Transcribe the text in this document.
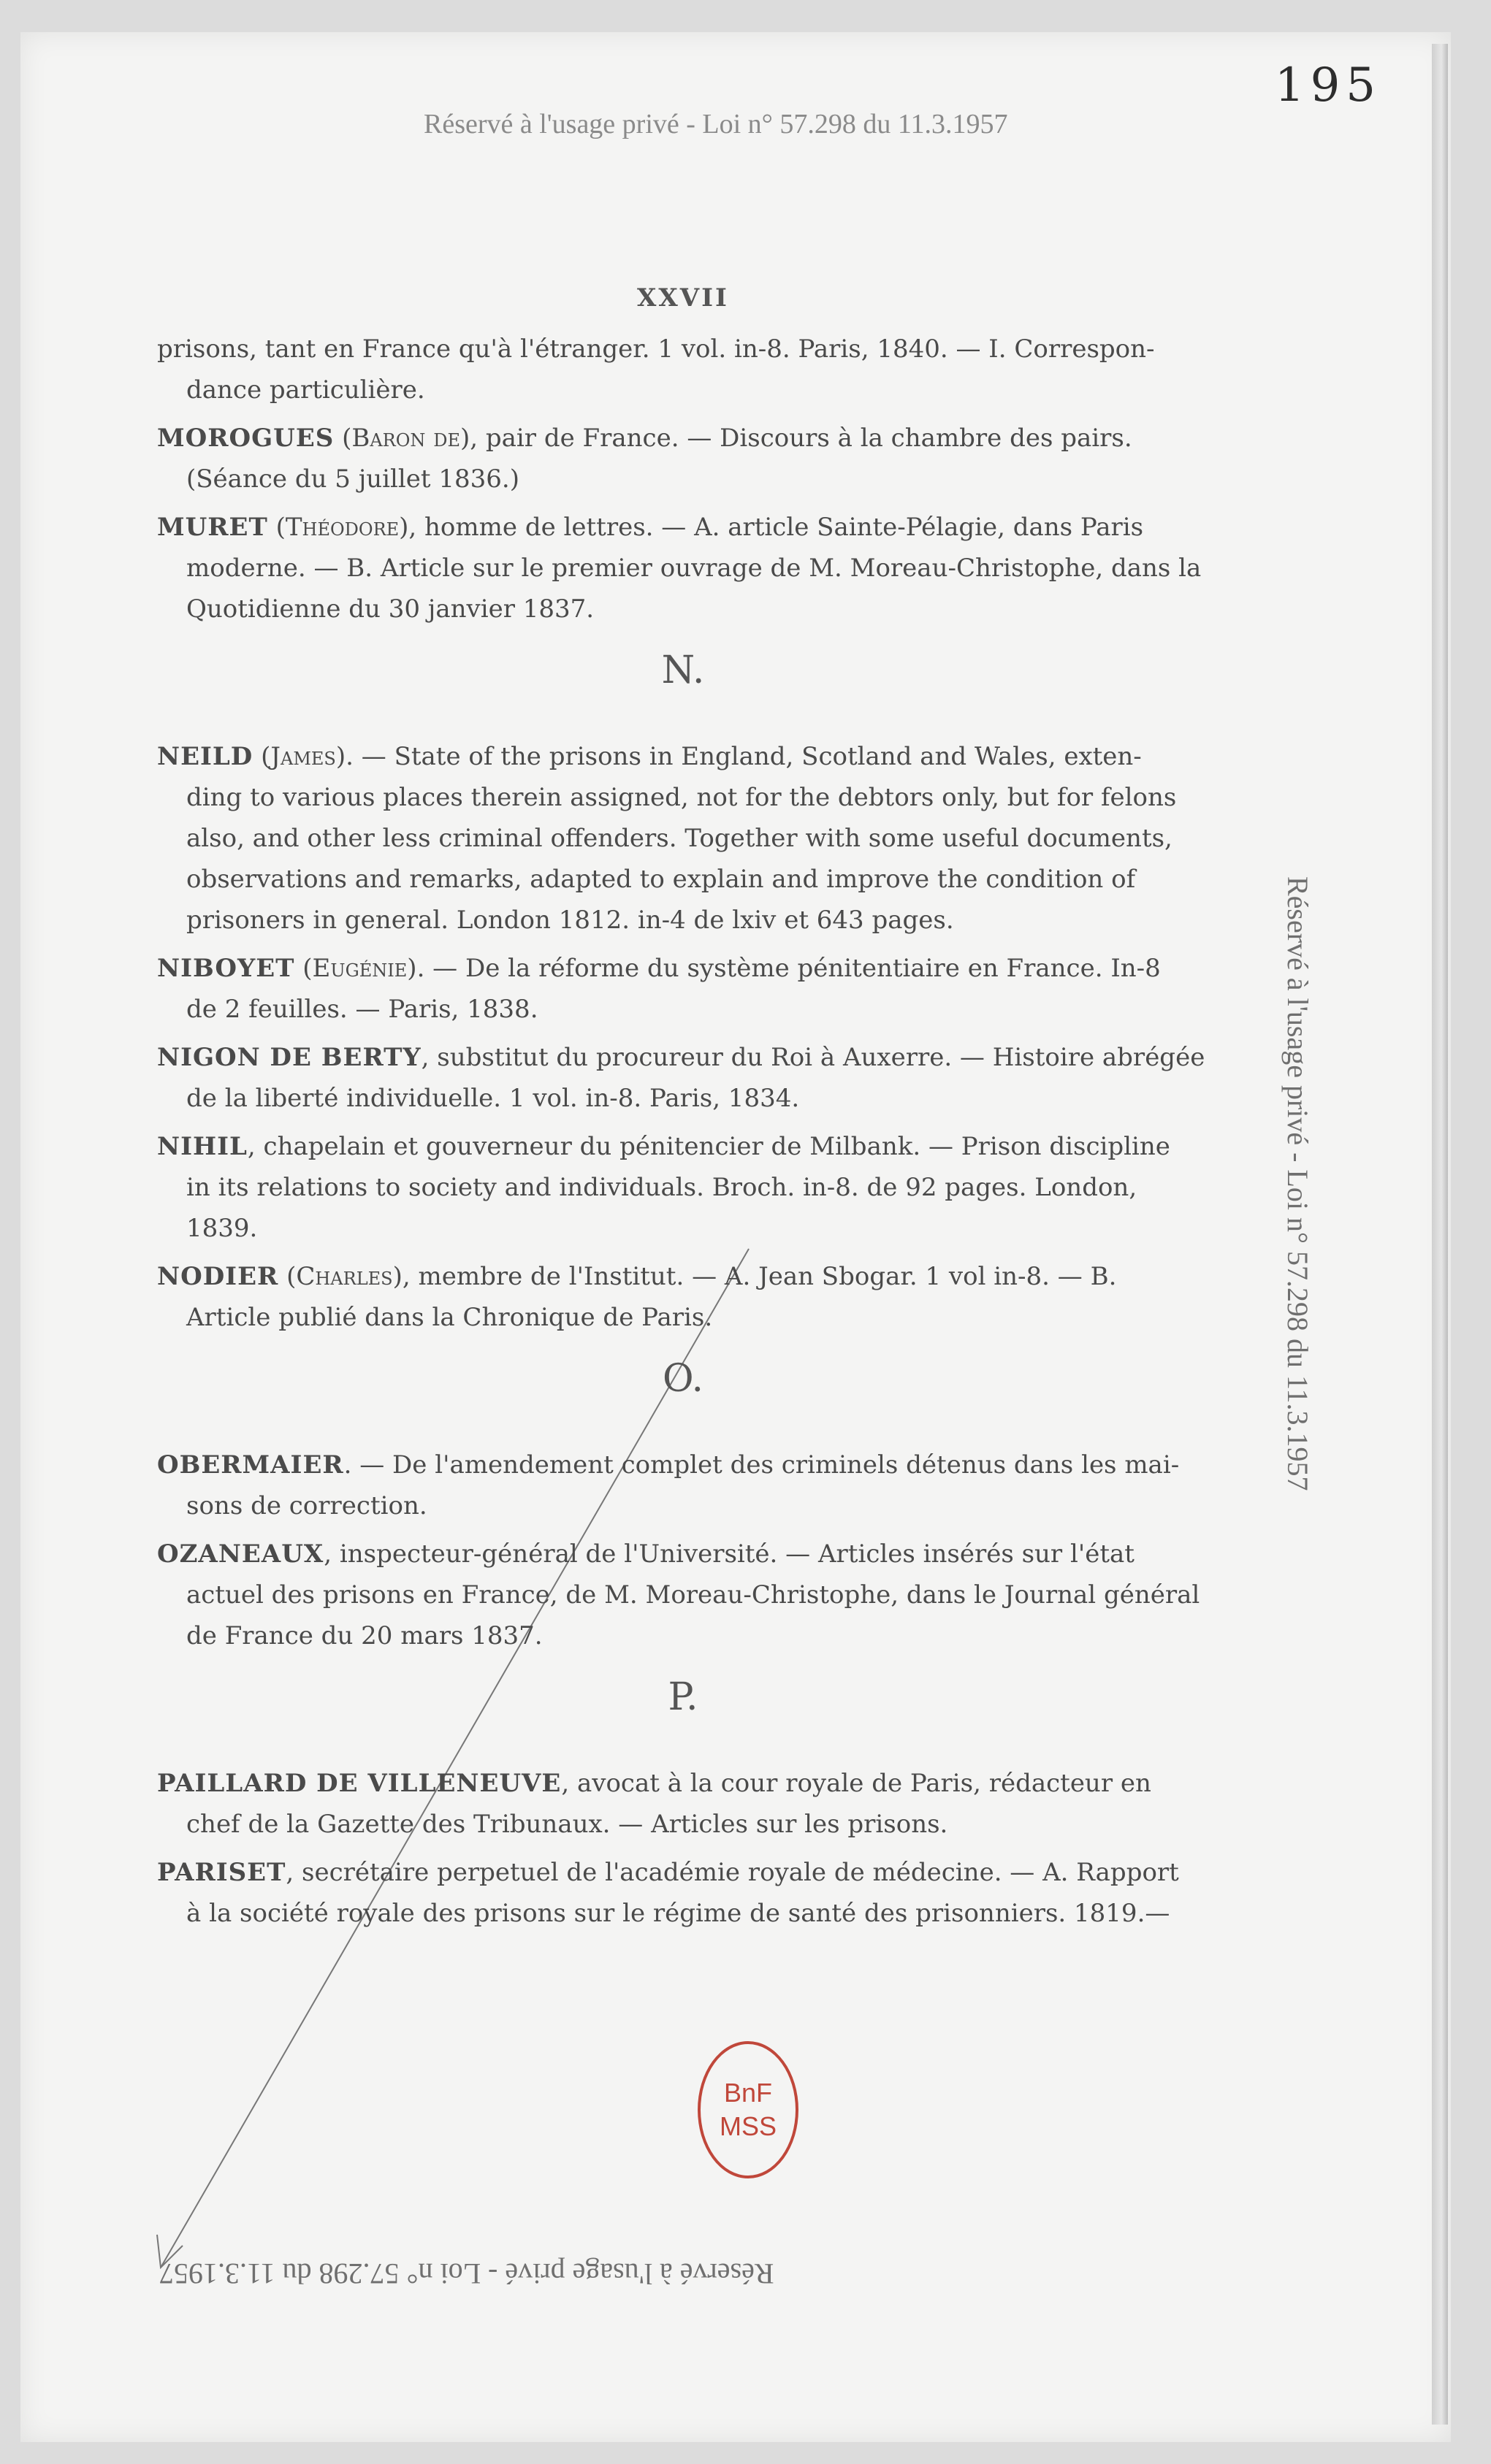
195
Réservé à l'usage privé - Loi n° 57.298 du 11.3.1957
Réservé à l'usage privé - Loi n° 57.298 du 11.3.1957
Réservé à l'usage privé - Loi n° 57.298 du 11.3.1957
XXVII
prisons, tant en France qu'à l'étranger. 1 vol. in-8. Paris, 1840. — I. Correspon-
dance particulière.
MOROGUES (Baron de), pair de France. — Discours à la chambre des pairs.
(Séance du 5 juillet 1836.)
MURET (Théodore), homme de lettres. — A. article Sainte-Pélagie, dans Paris
moderne. — B. Article sur le premier ouvrage de M. Moreau-Christophe, dans la Quotidienne du 30 janvier 1837.
N.
NEILD (James). — State of the prisons in England, Scotland and Wales, exten-
ding to various places therein assigned, not for the debtors only, but for felons also, and other less criminal offenders. Together with some useful documents, observations and remarks, adapted to explain and improve the condition of prisoners in general. London 1812. in-4 de lxiv et 643 pages.
NIBOYET (Eugénie). — De la réforme du système pénitentiaire en France. In-8
de 2 feuilles. — Paris, 1838.
NIGON DE BERTY, substitut du procureur du Roi à Auxerre. — Histoire abrégée
de la liberté individuelle. 1 vol. in-8. Paris, 1834.
NIHIL, chapelain et gouverneur du pénitencier de Milbank. — Prison discipline
in its relations to society and individuals. Broch. in-8. de 92 pages. London, 1839.
NODIER (Charles), membre de l'Institut. — A. Jean Sbogar. 1 vol in-8. — B.
Article publié dans la Chronique de Paris.
O.
OBERMAIER. — De l'amendement complet des criminels détenus dans les mai-
sons de correction.
OZANEAUX, inspecteur-général de l'Université. — Articles insérés sur l'état
actuel des prisons en France, de M. Moreau-Christophe, dans le Journal général de France du 20 mars 1837.
P.
PAILLARD DE VILLENEUVE, avocat à la cour royale de Paris, rédacteur en
chef de la Gazette des Tribunaux. — Articles sur les prisons.
PARISET, secrétaire perpetuel de l'académie royale de médecine. — A. Rapport
à la société royale des prisons sur le régime de santé des prisonniers. 1819.—
BnF
MSS
